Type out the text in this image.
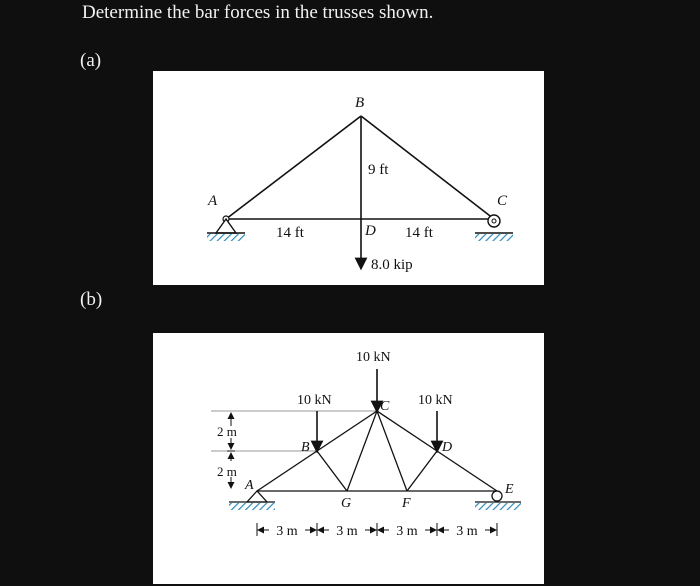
Determine the bar forces in the trusses shown.
(a)
(b)
A
B
C
D
9 ft
14 ft	14 ft
8.0 kip
10 kN
10 kN	10 kN
A
B
C
D
E
F
G
2 m
2 m
3 m	3 m	3 m	3 m
